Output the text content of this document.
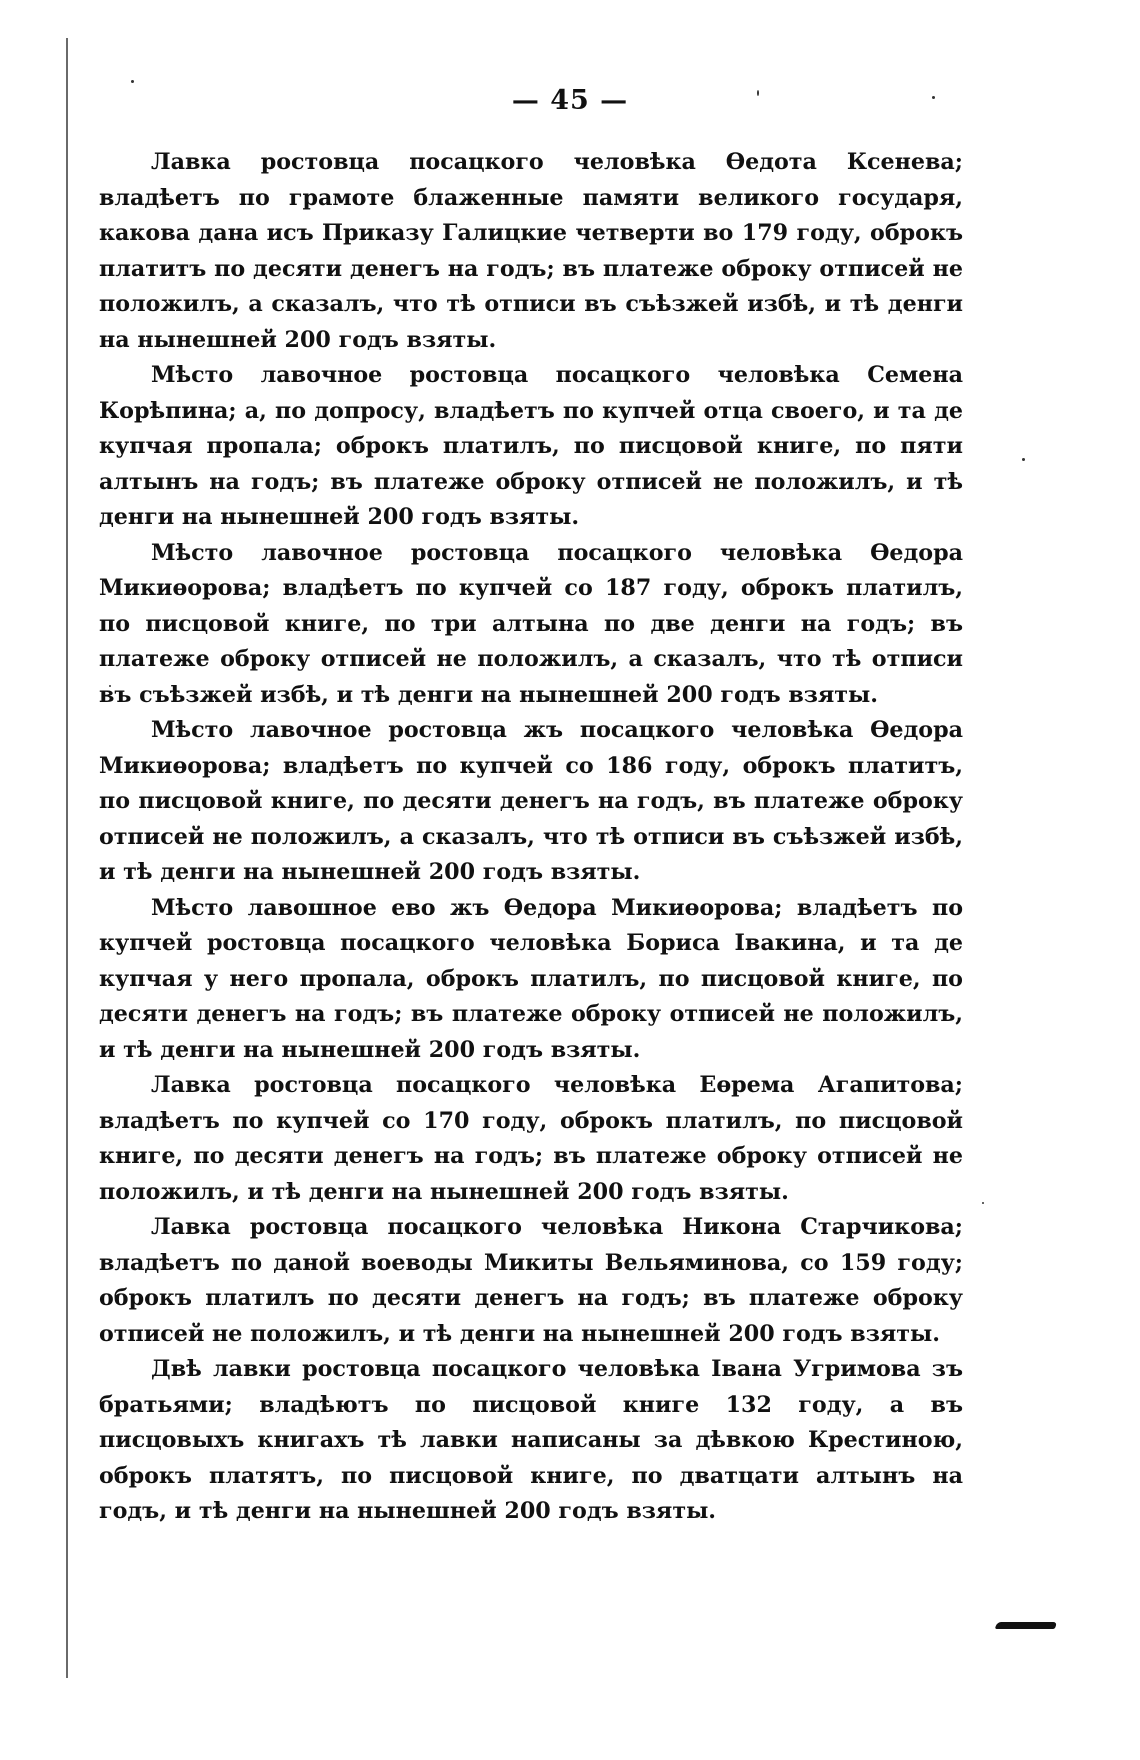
— 45 —

Лавка ростовца посацкого человѣка Өедота Ксенева; владѣетъ по грамоте блаженные памяти великого государя, какова дана исъ Приказу Галицкие четверти во 179 году, оброкъ платитъ по десяти денегъ на годъ; въ платеже оброку отписей не положилъ, а сказалъ, что тѣ отписи въ съѣзжей избѣ, и тѣ денги на нынешней 200 годъ взяты.

Мѣсто лавочное ростовца посацкого человѣка Семена Корѣпина; а, по допросу, владѣетъ по купчей отца своего, и та де купчая пропала; оброкъ платилъ, по писцовой книге, по пяти алтынъ на годъ; въ платеже оброку отписей не положилъ, и тѣ денги на нынешней 200 годъ взяты.

Мѣсто лавочное ростовца посацкого человѣка Өедора Микиөорова; владѣетъ по купчей со 187 году, оброкъ платилъ, по писцовой книге, по три алтына по две денги на годъ; въ платеже оброку отписей не положилъ, а сказалъ, что тѣ отписи въ съѣзжей избѣ, и тѣ денги на нынешней 200 годъ взяты.

Мѣсто лавочное ростовца жъ посацкого человѣка Өедора Микиөорова; владѣетъ по купчей со 186 году, оброкъ платитъ, по писцовой книге, по десяти денегъ на годъ, въ платеже оброку отписей не положилъ, а сказалъ, что тѣ отписи въ съѣзжей избѣ, и тѣ денги на нынешней 200 годъ взяты.

Мѣсто лавошное ево жъ Өедора Микиөорова; владѣетъ по купчей ростовца посацкого человѣка Бориса Івакина, и та де купчая у него пропала, оброкъ платилъ, по писцовой книге, по десяти денегъ на годъ; въ платеже оброку отписей не положилъ, и тѣ денги на нынешней 200 годъ взяты.

Лавка ростовца посацкого человѣка Еөрема Агапитова; владѣетъ по купчей со 170 году, оброкъ платилъ, по писцовой книге, по десяти денегъ на годъ; въ платеже оброку отписей не положилъ, и тѣ денги на нынешней 200 годъ взяты.

Лавка ростовца посацкого человѣка Никона Старчикова; владѣетъ по даной воеводы Микиты Вельяминова, со 159 году; оброкъ платилъ по десяти денегъ на годъ; въ платеже оброку отписей не положилъ, и тѣ денги на нынешней 200 годъ взяты.

Двѣ лавки ростовца посацкого человѣка Івана Угримова зъ братьями; владѣютъ по писцовой книге 132 году, а въ писцовыхъ книгахъ тѣ лавки написаны за дѣвкою Крестиною, оброкъ платятъ, по писцовой книге, по дватцати алтынъ на годъ, и тѣ денги на нынешней 200 годъ взяты.
